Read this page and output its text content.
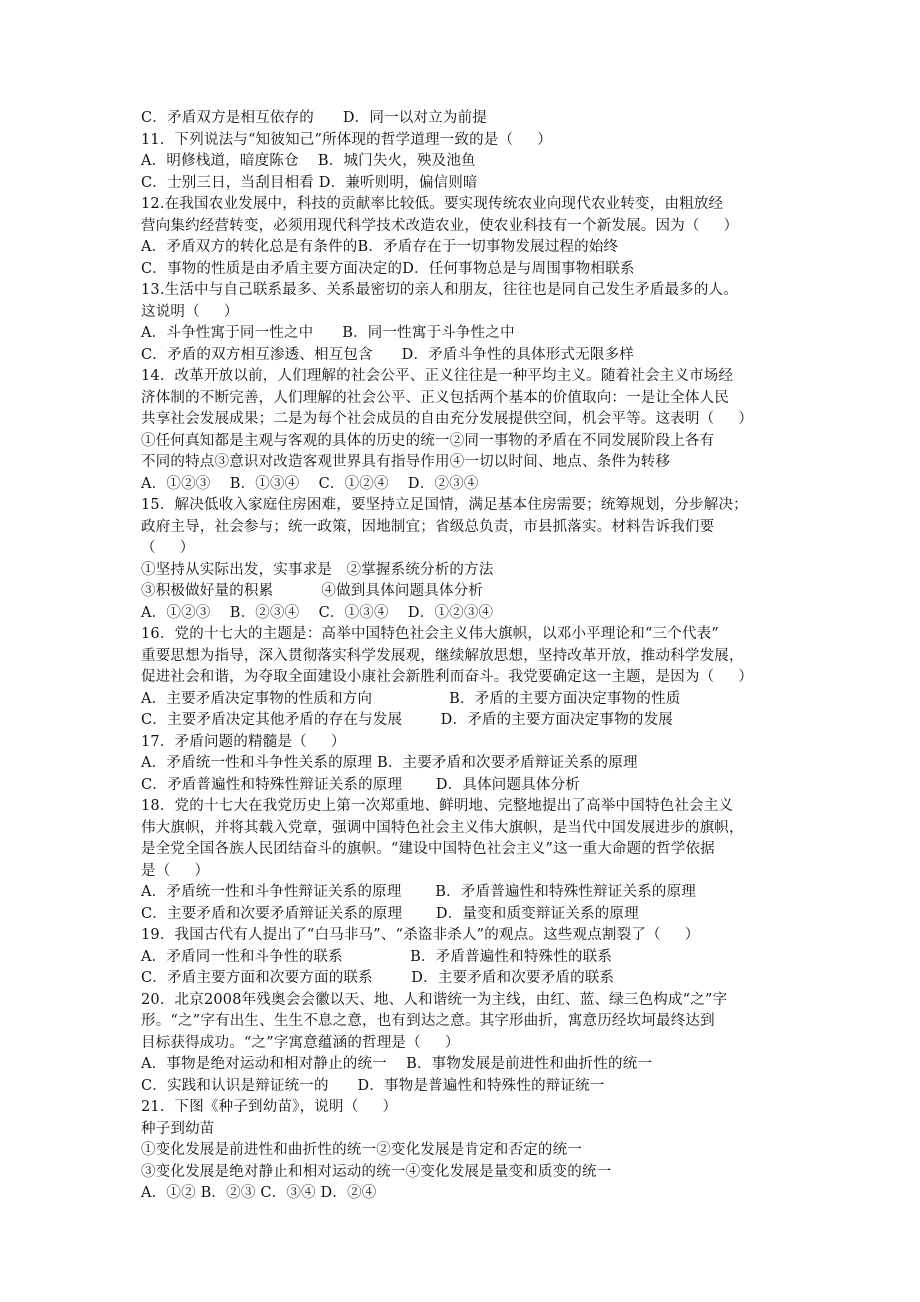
C．矛盾双方是相互依存的      D．同一以对立为前提
11．下列说法与“知彼知己”所体现的哲学道理一致的是（     ）
A．明修栈道，暗度陈仓    B．城门失火，殃及池鱼
C．士别三日，当刮目相看 D．兼听则明，偏信则暗
12.在我国农业发展中，科技的贡献率比较低。要实现传统农业向现代农业转变，由粗放经
营向集约经营转变，必须用现代科学技术改造农业，使农业科技有一个新发展。因为（     ）
A．矛盾双方的转化总是有条件的B．矛盾存在于一切事物发展过程的始终
C．事物的性质是由矛盾主要方面决定的D．任何事物总是与周围事物相联系
13.生活中与自己联系最多、关系最密切的亲人和朋友，往往也是同自己发生矛盾最多的人。
这说明（     ）
A．斗争性寓于同一性之中      B．同一性寓于斗争性之中
C．矛盾的双方相互渗透、相互包含      D．矛盾斗争性的具体形式无限多样
14．改革开放以前，人们理解的社会公平、正义往往是一种平均主义。随着社会主义市场经
济体制的不断完善，人们理解的社会公平、正义包括两个基本的价值取向：一是让全体人民
共享社会发展成果；二是为每个社会成员的自由充分发展提供空间，机会平等。这表明（     ）
①任何真知都是主观与客观的具体的历史的统一②同一事物的矛盾在不同发展阶段上各有
不同的特点③意识对改造客观世界具有指导作用④一切以时间、地点、条件为转移
A．①②③    B．①③④    C．①②④    D．②③④
15．解决低收入家庭住房困难，要坚持立足国情，满足基本住房需要；统筹规划，分步解决；
政府主导，社会参与；统一政策，因地制宜；省级总负责，市县抓落实。材料告诉我们要
（     ）
①坚持从实际出发，实事求是   ②掌握系统分析的方法
③积极做好量的积累          ④做到具体问题具体分析
A．①②③    B．②③④    C．①③④    D．①②③④
16．党的十七大的主题是：高举中国特色社会主义伟大旗帜，以邓小平理论和“三个代表”
重要思想为指导，深入贯彻落实科学发展观，继续解放思想，坚持改革开放，推动科学发展，
促进社会和谐，为夺取全面建设小康社会新胜利而奋斗。我党要确定这一主题，是因为（     ）
A．主要矛盾决定事物的性质和方向                B．矛盾的主要方面决定事物的性质
C．主要矛盾决定其他矛盾的存在与发展        D．矛盾的主要方面决定事物的发展
17．矛盾问题的精髓是（     ）
A．矛盾统一性和斗争性关系的原理 B．主要矛盾和次要矛盾辩证关系的原理
C．矛盾普遍性和特殊性辩证关系的原理       D．具体问题具体分析
18．党的十七大在我党历史上第一次郑重地、鲜明地、完整地提出了高举中国特色社会主义
伟大旗帜，并将其载入党章，强调中国特色社会主义伟大旗帜，是当代中国发展进步的旗帜，
是全党全国各族人民团结奋斗的旗帜。“建设中国特色社会主义”这一重大命题的哲学依据
是（     ）
A．矛盾统一性和斗争性辩证关系的原理       B．矛盾普遍性和特殊性辩证关系的原理
C．主要矛盾和次要矛盾辩证关系的原理       D．量变和质变辩证关系的原理
19．我国古代有人提出了“白马非马”、“杀盗非杀人”的观点。这些观点割裂了（     ）
A．矛盾同一性和斗争性的联系              B．矛盾普遍性和特殊性的联系
C．矛盾主要方面和次要方面的联系        D．主要矛盾和次要矛盾的联系
20．北京2008年残奥会会徽以天、地、人和谐统一为主线，由红、蓝、绿三色构成“之”字
形。“之”字有出生、生生不息之意，也有到达之意。其字形曲折，寓意历经坎坷最终达到
目标获得成功。“之”字寓意蕴涵的哲理是（     ）
A．事物是绝对运动和相对静止的统一    B．事物发展是前进性和曲折性的统一
C．实践和认识是辩证统一的      D．事物是普遍性和特殊性的辩证统一
21．下图《种子到幼苗》，说明（     ）
种子到幼苗
①变化发展是前进性和曲折性的统一②变化发展是肯定和否定的统一
③变化发展是绝对静止和相对运动的统一④变化发展是量变和质变的统一
A．①② B．②③ C．③④ D．②④
